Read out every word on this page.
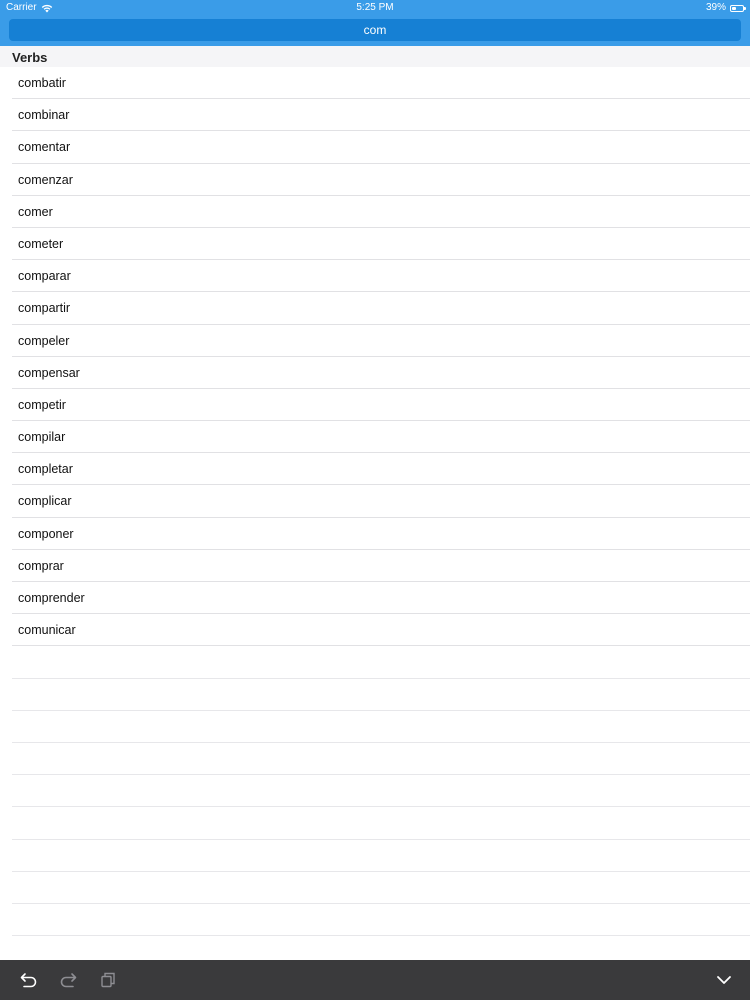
Carrier	5:25 PM	39%
com
Verbs
combatir
combinar
comentar
comenzar
comer
cometer
comparar
compartir
compeler
compensar
competir
compilar
completar
complicar
componer
comprar
comprender
comunicar
